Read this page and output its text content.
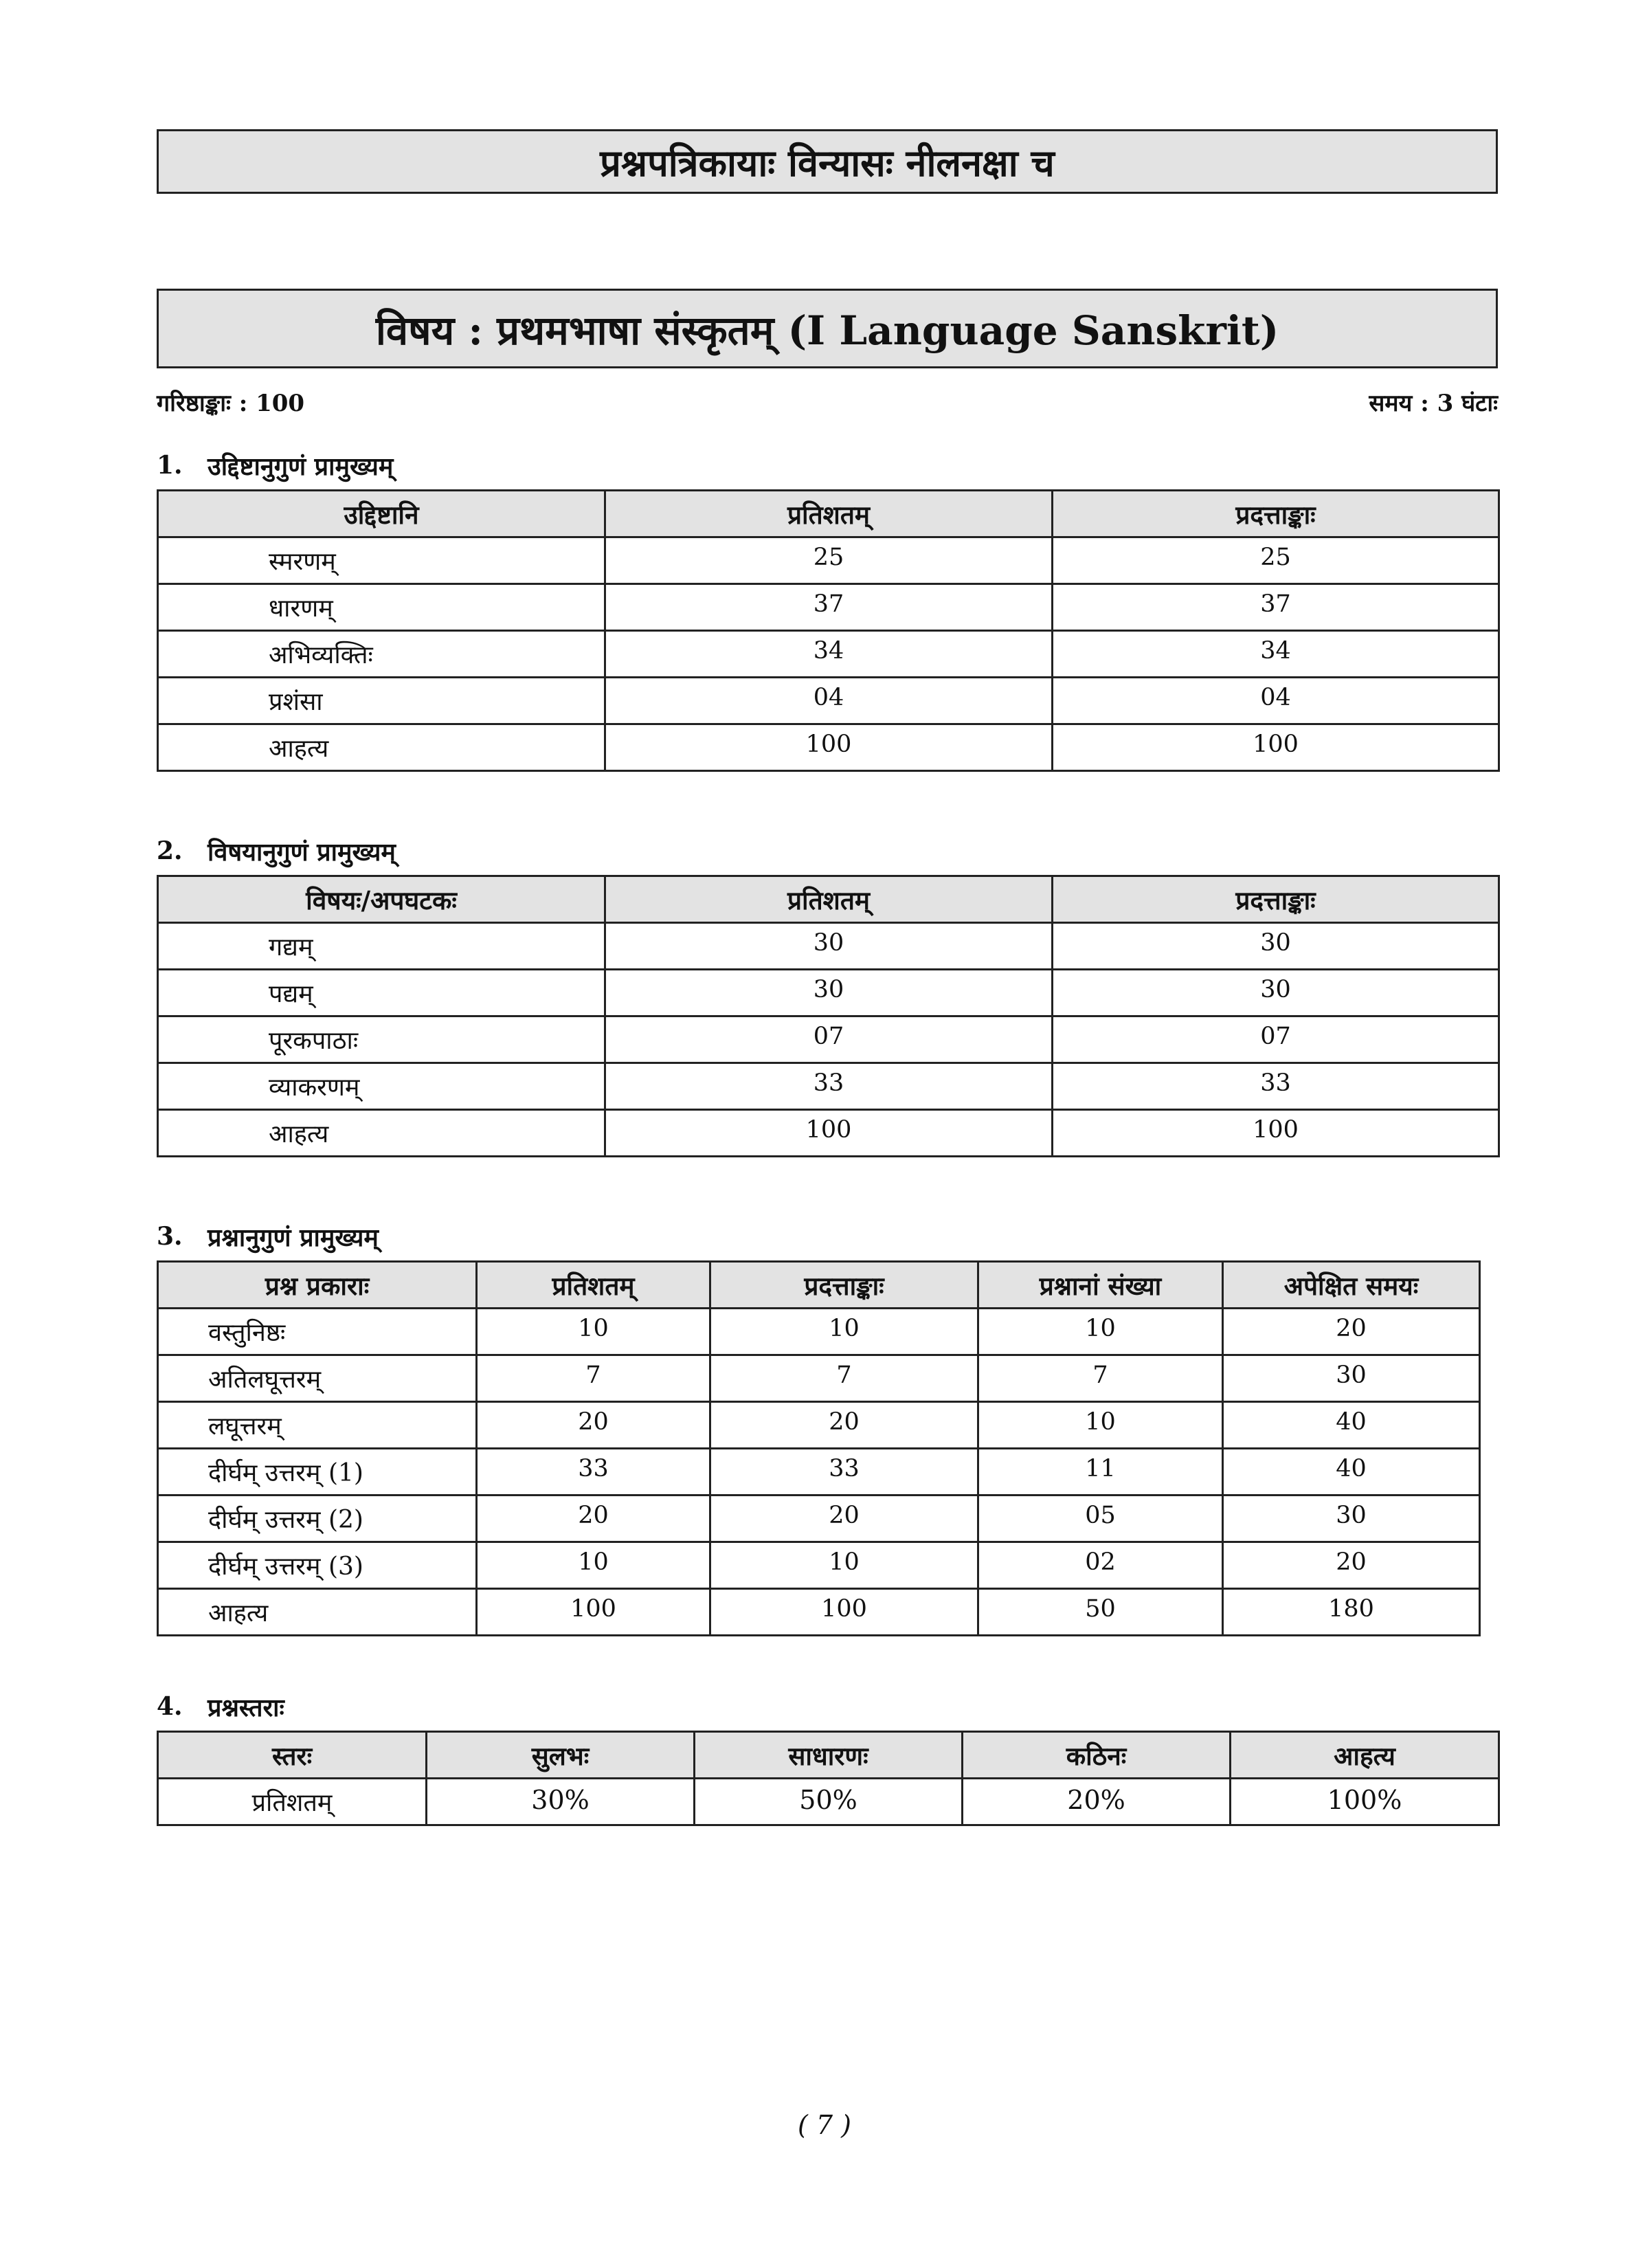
प्रश्नपत्रिकायाः विन्यासः नीलनक्षा च
विषय : प्रथमभाषा संस्कृतम् (I Language Sanskrit)
गरिष्ठाङ्काः : 100	समय : 3 घंटाः
1.	उद्दिष्टानुगुणं प्रामुख्यम्
उद्दिष्टानि	प्रतिशतम्	प्रदत्ताङ्काः
स्मरणम्	25	25
धारणम्	37	37
अभिव्यक्तिः	34	34
प्रशंसा	04	04
आहत्य	100	100
2.	विषयानुगुणं प्रामुख्यम्
विषयः/अपघटकः	प्रतिशतम्	प्रदत्ताङ्काः
गद्यम्	30	30
पद्यम्	30	30
पूरकपाठाः	07	07
व्याकरणम्	33	33
आहत्य	100	100
3.	प्रश्नानुगुणं प्रामुख्यम्
प्रश्न प्रकाराः	प्रतिशतम्	प्रदत्ताङ्काः	प्रश्नानां संख्या	अपेक्षित समयः
वस्तुनिष्ठः	10	10	10	20
अतिलघूत्तरम्	7	7	7	30
लघूत्तरम्	20	20	10	40
दीर्घम् उत्तरम् (1)	33	33	11	40
दीर्घम् उत्तरम् (2)	20	20	05	30
दीर्घम् उत्तरम् (3)	10	10	02	20
आहत्य	100	100	50	180
4.	प्रश्नस्तराः
स्तरः	सुलभः	साधारणः	कठिनः	आहत्य
प्रतिशतम्	30%	50%	20%	100%
( 7 )
